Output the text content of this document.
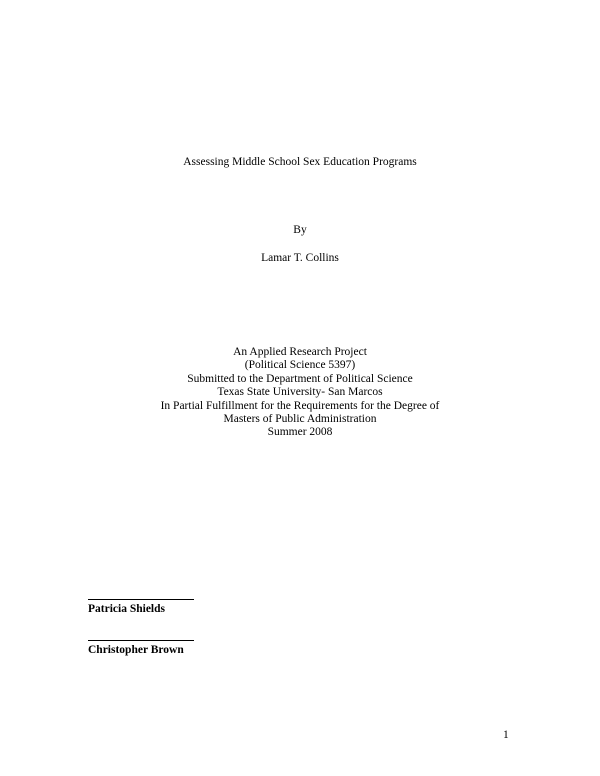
Assessing Middle School Sex Education Programs
By
Lamar T. Collins
An Applied Research Project
(Political Science 5397)
Submitted to the Department of Political Science
Texas State University- San Marcos
In Partial Fulfillment for the Requirements for the Degree of
Masters of Public Administration
Summer 2008
Patricia Shields
Christopher Brown
1
